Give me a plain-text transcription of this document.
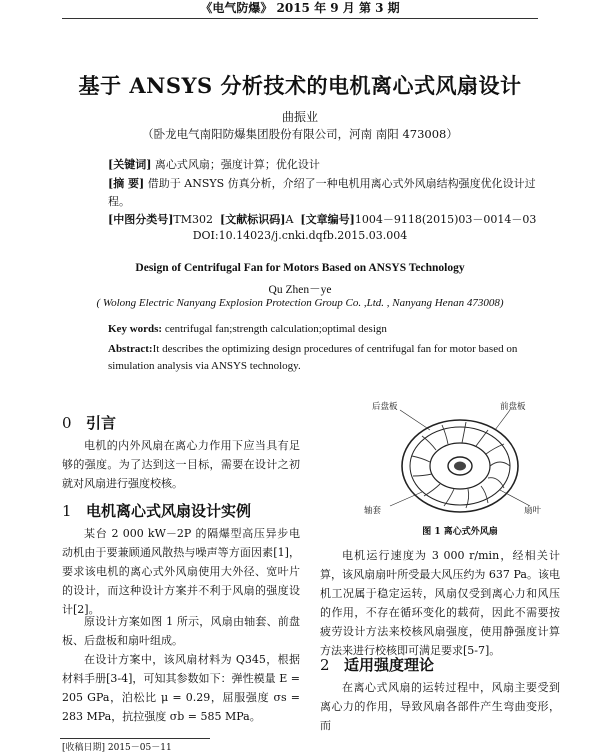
《电气防爆》 2015 年 9 月 第 3 期
基于 ANSYS 分析技术的电机离心式风扇设计
曲振业
（卧龙电气南阳防爆集团股份有限公司，河南 南阳 473008）
[关键词] 离心式风扇；强度计算；优化设计
[摘 要] 借助于 ANSYS 仿真分析，介绍了一种电机用离心式外风扇结构强度优化设计过程。
[中图分类号]TM302 [文献标识码]A [文章编号]1004－9118(2015)03－0014－03
DOI:10.14023/j.cnki.dqfb.2015.03.004
Design of Centrifugal Fan for Motors Based on ANSYS Technology
Qu Zhen－ye
( Wolong Electric Nanyang Explosion Protection Group Co. ,Ltd. , Nanyang Henan 473008)
Key words: centrifugal fan;strength calculation;optimal design
Abstract:It describes the optimizing design procedures of centrifugal fan for motor based on simulation analysis via ANSYS technology.
0 引言
电机的内外风扇在离心力作用下应当具有足够的强度。为了达到这一目标，需要在设计之初就对风扇进行强度校核。
1 电机离心式风扇设计实例
某台 2 000 kW－2P 的隔爆型高压异步电动机由于要兼顾通风散热与噪声等方面因素[1]，要求该电机的离心式外风扇使用大外径、宽叶片的设计，而这种设计方案并不利于风扇的强度设计[2]。
原设计方案如图 1 所示，风扇由轴套、前盘板、后盘板和扇叶组成。
在设计方案中，该风扇材料为 Q345，根据材料手册[3-4]，可知其参数如下：弹性模量 E = 205 GPa，泊松比 μ = 0.29，屈服强度 σs = 283 MPa，抗拉强度 σb = 585 MPa。
后盘板	前盘板
轴套	扇叶
图 1 离心式外风扇
电机运行速度为 3 000 r/min，经相关计算，该风扇扇叶所受最大风压约为 637 Pa。该电机工况属于稳定运转，风扇仅受到离心力和风压的作用，不存在循环变化的载荷，因此不需要按疲劳设计方法来校核风扇强度，使用静强度计算方法来进行校核即可满足要求[5-7]。
2 适用强度理论
在离心式风扇的运转过程中，风扇主要受到离心力的作用，导致风扇各部件产生弯曲变形，而
[收稿日期] 2015－05－11
